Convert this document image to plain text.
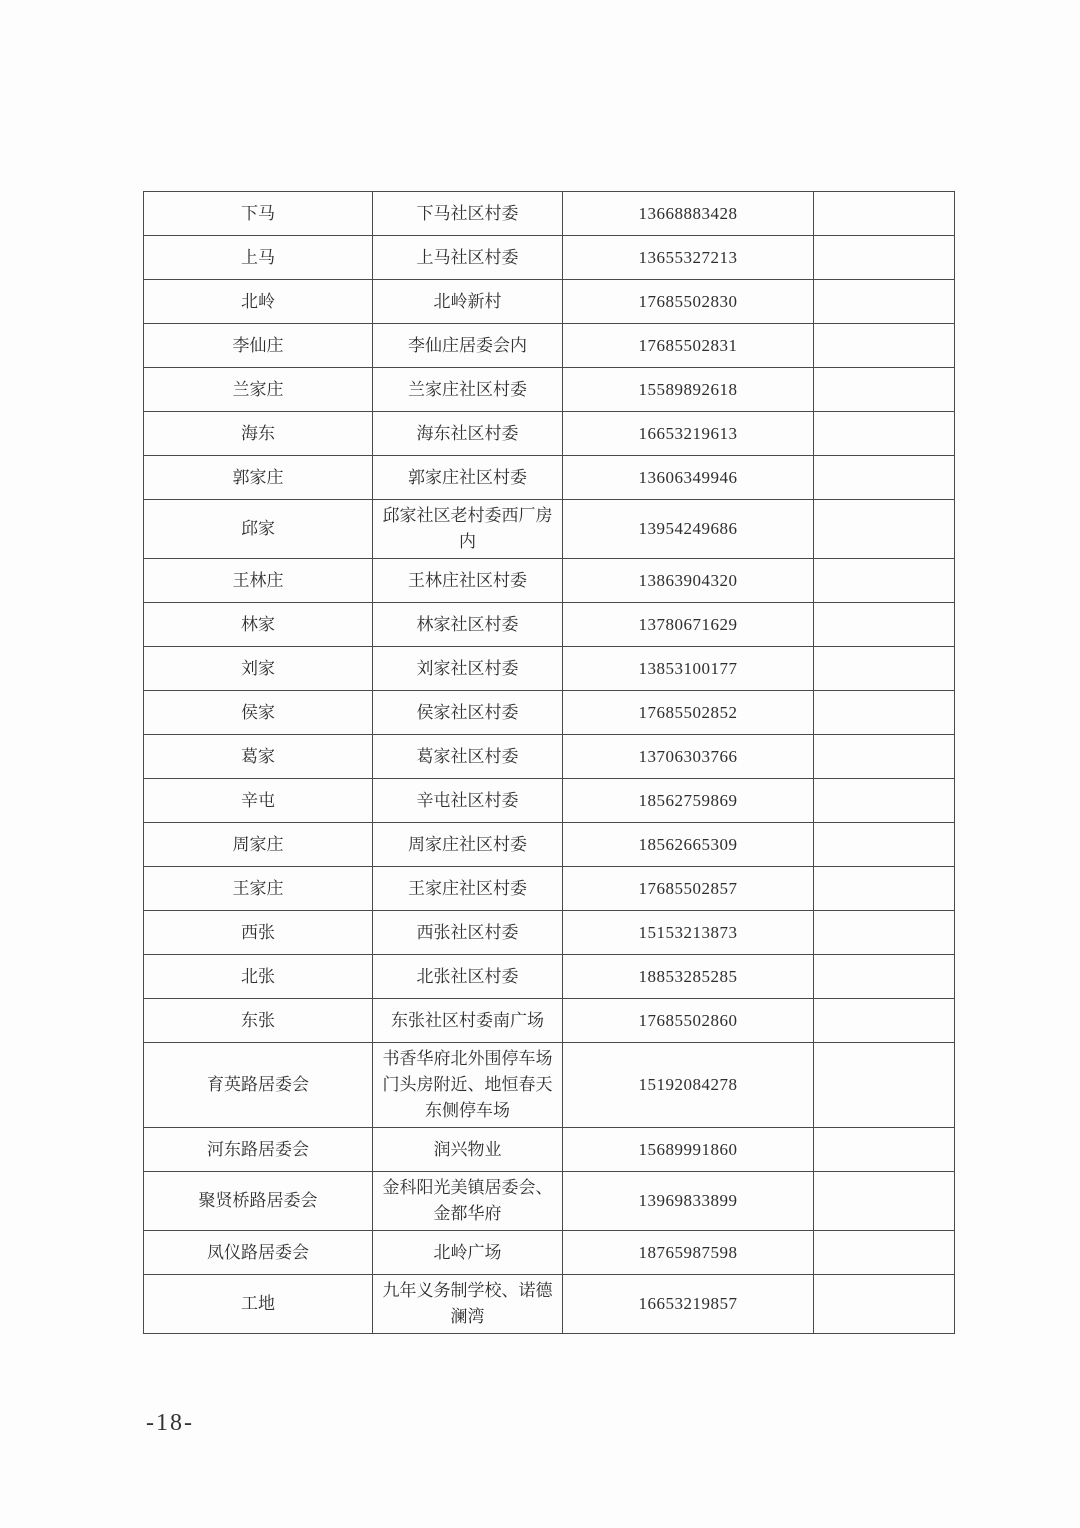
下马	下马社区村委	13668883428	
上马	上马社区村委	13655327213	
北岭	北岭新村	17685502830	
李仙庄	李仙庄居委会内	17685502831	
兰家庄	兰家庄社区村委	15589892618	
海东	海东社区村委	16653219613	
郭家庄	郭家庄社区村委	13606349946	
邱家	邱家社区老村委西厂房内	13954249686	
王林庄	王林庄社区村委	13863904320	
林家	林家社区村委	13780671629	
刘家	刘家社区村委	13853100177	
侯家	侯家社区村委	17685502852	
葛家	葛家社区村委	13706303766	
辛屯	辛屯社区村委	18562759869	
周家庄	周家庄社区村委	18562665309	
王家庄	王家庄社区村委	17685502857	
西张	西张社区村委	15153213873	
北张	北张社区村委	18853285285	
东张	东张社区村委南广场	17685502860	
育英路居委会	书香华府北外围停车场门头房附近、地恒春天东侧停车场	15192084278	
河东路居委会	润兴物业	15689991860	
聚贤桥路居委会	金科阳光美镇居委会、金都华府	13969833899	
凤仪路居委会	北岭广场	18765987598	
工地	九年义务制学校、诺德澜湾	16653219857	
-18-
